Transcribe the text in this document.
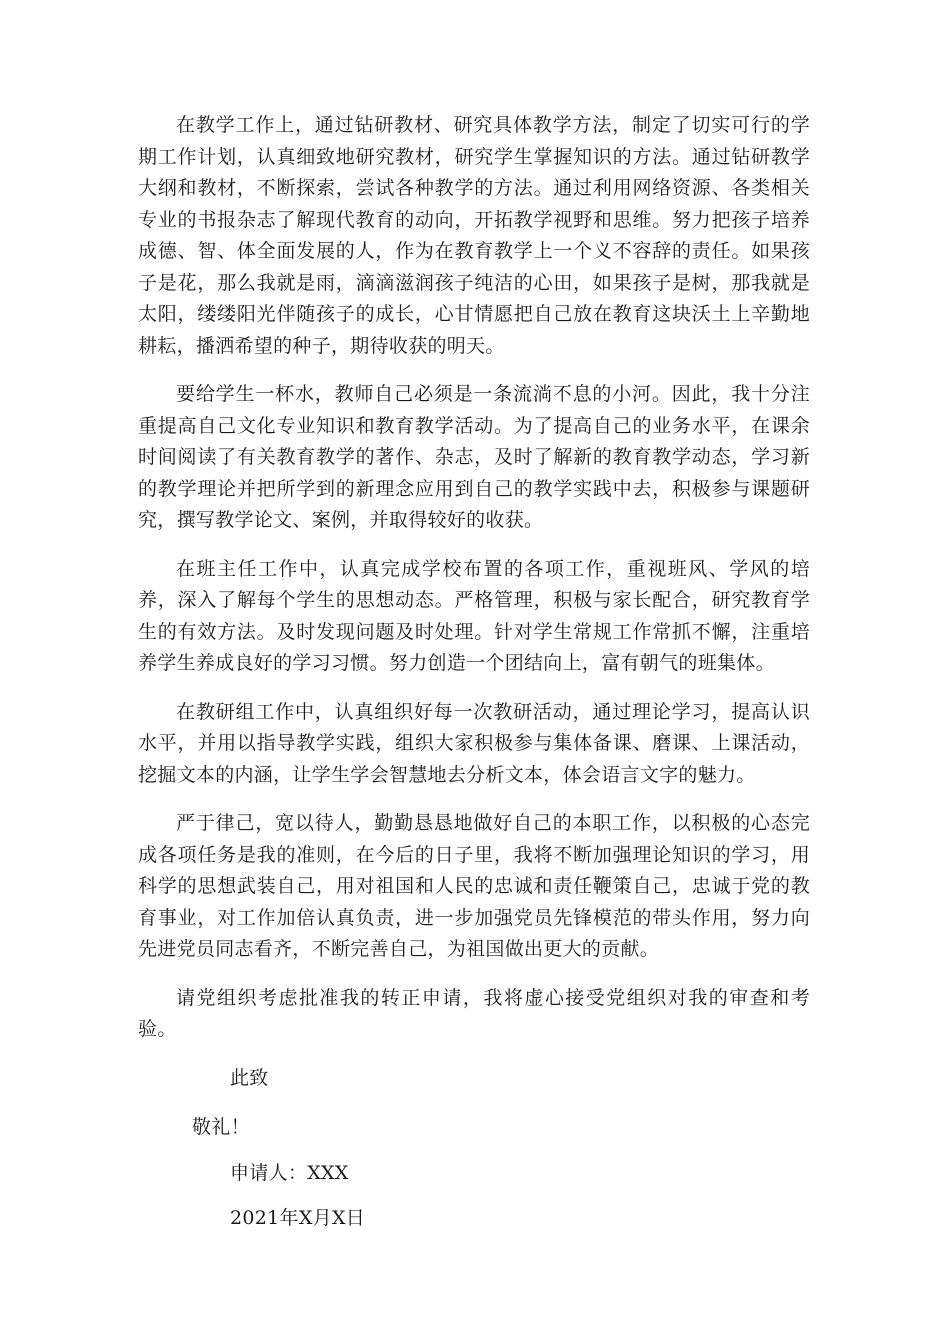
在教学工作上，通过钻研教材、研究具体教学方法，制定了切实可行的学期工作计划，认真细致地研究教材，研究学生掌握知识的方法。通过钻研教学大纲和教材，不断探索，尝试各种教学的方法。通过利用网络资源、各类相关专业的书报杂志了解现代教育的动向，开拓教学视野和思维。努力把孩子培养成德、智、体全面发展的人，作为在教育教学上一个义不容辞的责任。如果孩子是花，那么我就是雨，滴滴滋润孩子纯洁的心田，如果孩子是树，那我就是太阳，缕缕阳光伴随孩子的成长，心甘情愿把自己放在教育这块沃土上辛勤地耕耘，播洒希望的种子，期待收获的明天。

要给学生一杯水，教师自己必须是一条流淌不息的小河。因此，我十分注重提高自己文化专业知识和教育教学活动。为了提高自己的业务水平，在课余时间阅读了有关教育教学的著作、杂志，及时了解新的教育教学动态，学习新的教学理论并把所学到的新理念应用到自己的教学实践中去，积极参与课题研究，撰写教学论文、案例，并取得较好的收获。

在班主任工作中，认真完成学校布置的各项工作，重视班风、学风的培养，深入了解每个学生的思想动态。严格管理，积极与家长配合，研究教育学生的有效方法。及时发现问题及时处理。针对学生常规工作常抓不懈，注重培养学生养成良好的学习习惯。努力创造一个团结向上，富有朝气的班集体。

在教研组工作中，认真组织好每一次教研活动，通过理论学习，提高认识水平，并用以指导教学实践，组织大家积极参与集体备课、磨课、上课活动，挖掘文本的内涵，让学生学会智慧地去分析文本，体会语言文字的魅力。

严于律己，宽以待人，勤勤恳恳地做好自己的本职工作，以积极的心态完成各项任务是我的准则，在今后的日子里，我将不断加强理论知识的学习，用科学的思想武装自己，用对祖国和人民的忠诚和责任鞭策自己，忠诚于党的教育事业，对工作加倍认真负责，进一步加强党员先锋模范的带头作用，努力向先进党员同志看齐，不断完善自己，为祖国做出更大的贡献。

请党组织考虑批准我的转正申请，我将虚心接受党组织对我的审查和考验。

此致

敬礼！

申请人：XXX

2021年X月X日
